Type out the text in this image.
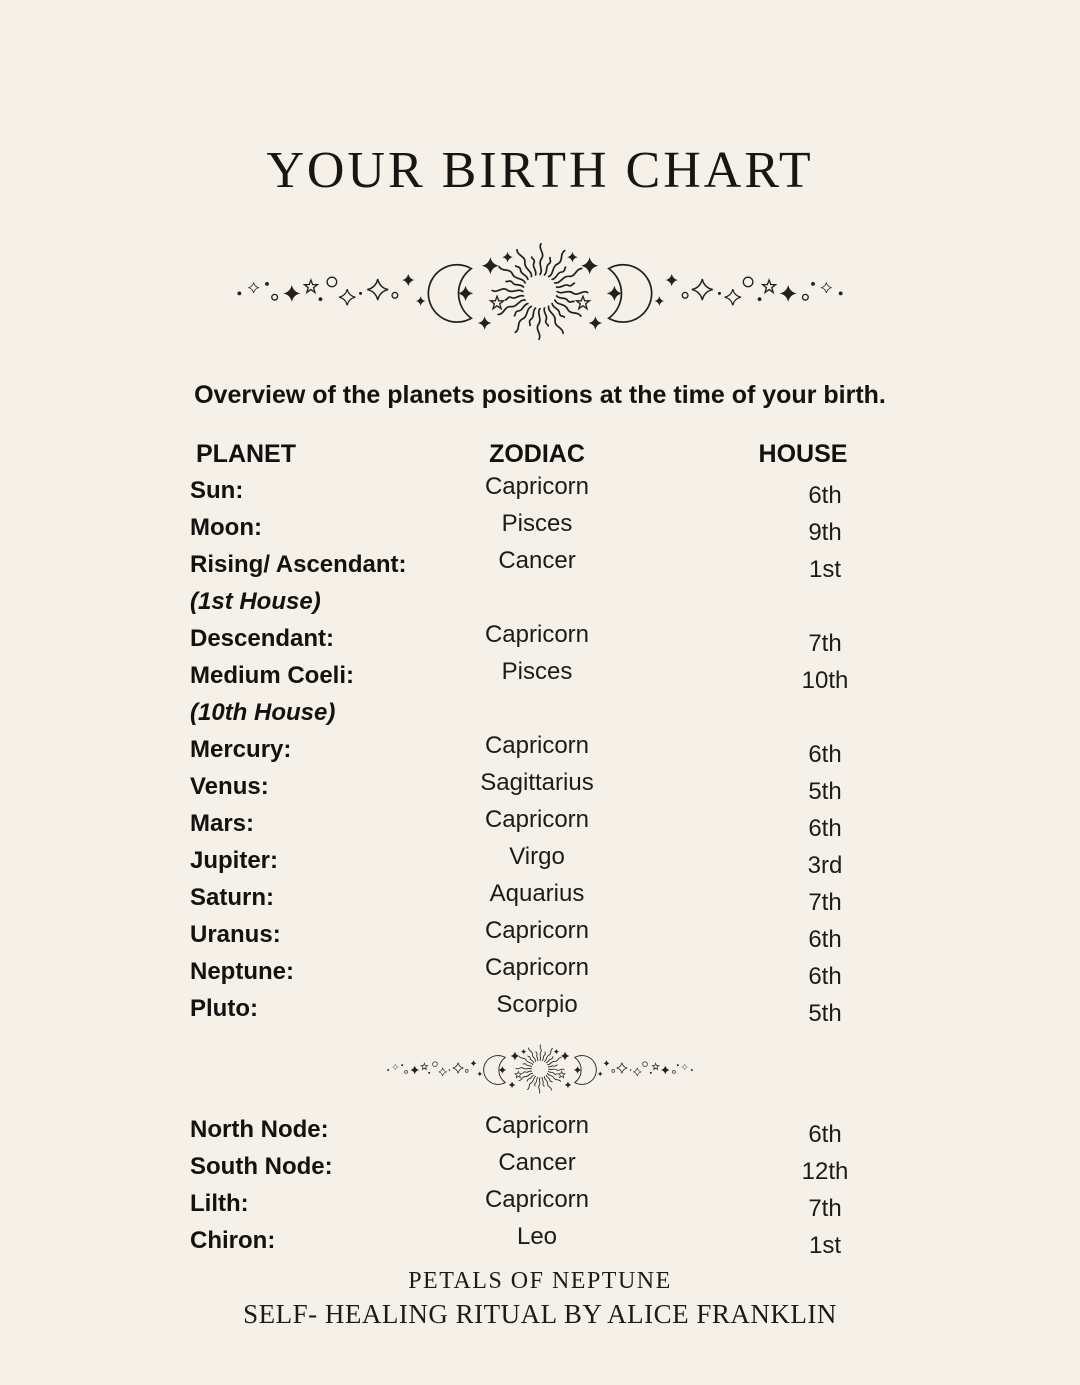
YOUR BIRTH CHART

Overview of the planets positions at the time of your birth.

PLANET	ZODIAC	HOUSE
Sun:	Capricorn	6th
Moon:	Pisces	9th
Rising/ Ascendant:	Cancer	1st
(1st House)
Descendant:	Capricorn	7th
Medium Coeli:	Pisces	10th
(10th House)
Mercury:	Capricorn	6th
Venus:	Sagittarius	5th
Mars:	Capricorn	6th
Jupiter:	Virgo	3rd
Saturn:	Aquarius	7th
Uranus:	Capricorn	6th
Neptune:	Capricorn	6th
Pluto:	Scorpio	5th
North Node:	Capricorn	6th
South Node:	Cancer	12th
Lilth:	Capricorn	7th
Chiron:	Leo	1st
PETALS OF NEPTUNE
SELF- HEALING RITUAL BY ALICE FRANKLIN
